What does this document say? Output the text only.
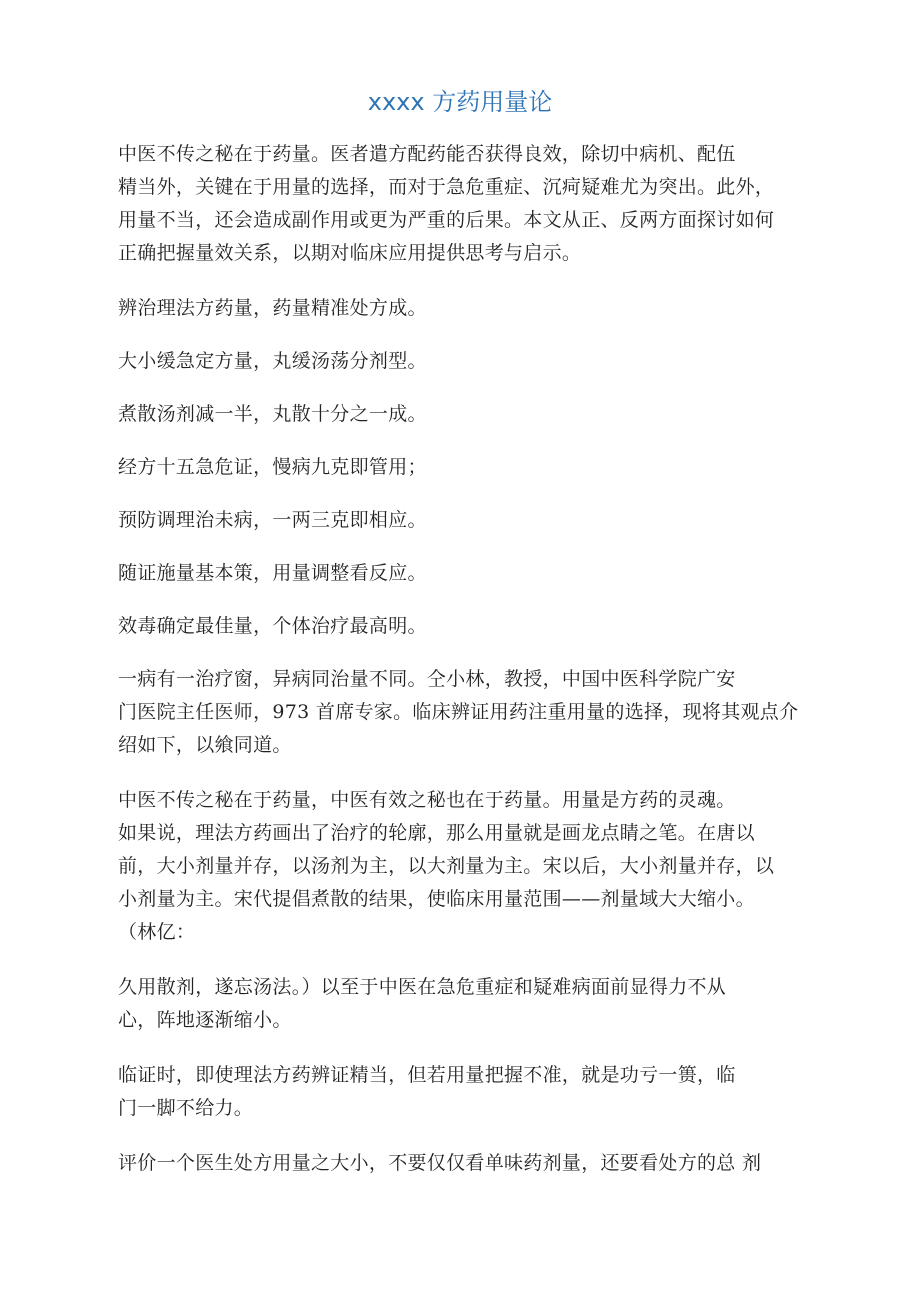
xxxx 方药用量论

中医不传之秘在于药量。医者遣方配药能否获得良效，除切中病机、配伍
精当外，关键在于用量的选择，而对于急危重症、沉疴疑难尤为突出。此外，
用量不当，还会造成副作用或更为严重的后果。本文从正、反两方面探讨如何
正确把握量效关系，以期对临床应用提供思考与启示。

辨治理法方药量，药量精准处方成。

大小缓急定方量，丸缓汤荡分剂型。

煮散汤剂减一半，丸散十分之一成。

经方十五急危证，慢病九克即管用；

预防调理治未病，一两三克即相应。

随证施量基本策，用量调整看反应。

效毒确定最佳量，个体治疗最高明。

一病有一治疗窗，异病同治量不同。仝小林，教授，中国中医科学院广安
门医院主任医师，973 首席专家。临床辨证用药注重用量的选择，现将其观点介
绍如下，以飨同道。

中医不传之秘在于药量，中医有效之秘也在于药量。用量是方药的灵魂。
如果说，理法方药画出了治疗的轮廓，那么用量就是画龙点睛之笔。在唐以
前，大小剂量并存，以汤剂为主，以大剂量为主。宋以后，大小剂量并存，以
小剂量为主。宋代提倡煮散的结果，使临床用量范围——剂量域大大缩小。
（林亿：

久用散剂，遂忘汤法。）以至于中医在急危重症和疑难病面前显得力不从
心，阵地逐渐缩小。

临证时，即使理法方药辨证精当，但若用量把握不准，就是功亏一篑，临
门一脚不给力。

评价一个医生处方用量之大小，不要仅仅看单味药剂量，还要看处方的总 剂
